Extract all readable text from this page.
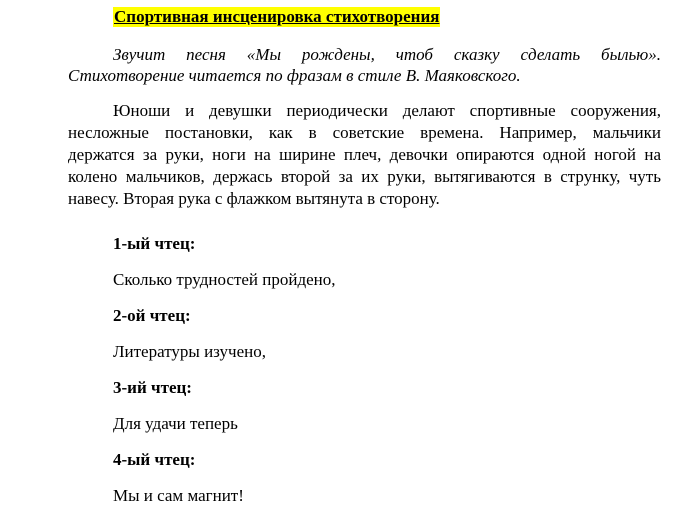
Спортивная инсценировка стихотворения
Звучит песня «Мы рождены, чтоб сказку сделать былью».
Стихотворение читается по фразам в стиле В. Маяковского.
Юноши и девушки периодически делают спортивные сооружения,
несложные постановки, как в советские времена. Например, мальчики
держатся за руки, ноги на ширине плеч, девочки опираются одной ногой на
колено мальчиков, держась второй за их руки, вытягиваются в струнку, чуть
навесу. Вторая рука с флажком вытянута в сторону.
1-ый чтец:
Сколько трудностей пройдено,
2-ой чтец:
Литературы изучено,
3-ий чтец:
Для удачи теперь
4-ый чтец:
Мы и сам магнит!
